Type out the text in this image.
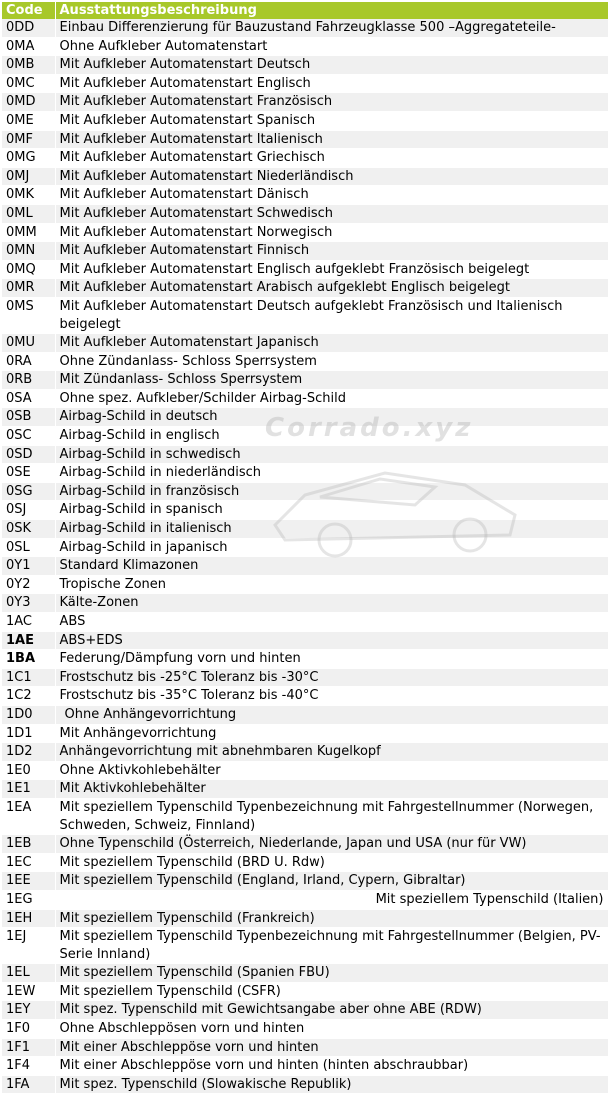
Code	Ausstattungsbeschreibung
0DD	Einbau Differenzierung für Bauzustand Fahrzeugklasse 500 –Aggregateteile-
0MA	Ohne Aufkleber Automatenstart
0MB	Mit Aufkleber Automatenstart Deutsch
0MC	Mit Aufkleber Automatenstart Englisch
0MD	Mit Aufkleber Automatenstart Französisch
0ME	Mit Aufkleber Automatenstart Spanisch
0MF	Mit Aufkleber Automatenstart Italienisch
0MG	Mit Aufkleber Automatenstart Griechisch
0MJ	Mit Aufkleber Automatenstart Niederländisch
0MK	Mit Aufkleber Automatenstart Dänisch
0ML	Mit Aufkleber Automatenstart Schwedisch
0MM	Mit Aufkleber Automatenstart Norwegisch
0MN	Mit Aufkleber Automatenstart Finnisch
0MQ	Mit Aufkleber Automatenstart Englisch aufgeklebt Französisch beigelegt
0MR	Mit Aufkleber Automatenstart Arabisch aufgeklebt Englisch beigelegt
0MS	Mit Aufkleber Automatenstart Deutsch aufgeklebt Französisch und Italienisch beigelegt
0MU	Mit Aufkleber Automatenstart Japanisch
0RA	Ohne Zündanlass- Schloss Sperrsystem
0RB	Mit Zündanlass- Schloss Sperrsystem
0SA	Ohne spez. Aufkleber/Schilder Airbag-Schild
0SB	Airbag-Schild in deutsch
0SC	Airbag-Schild in englisch
0SD	Airbag-Schild in schwedisch
0SE	Airbag-Schild in niederländisch
0SG	Airbag-Schild in französisch
0SJ	Airbag-Schild in spanisch
0SK	Airbag-Schild in italienisch
0SL	Airbag-Schild in japanisch
0Y1	Standard Klimazonen
0Y2	Tropische Zonen
0Y3	Kälte-Zonen
1AC	ABS
1AE	ABS+EDS
1BA	Federung/Dämpfung vorn und hinten
1C1	Frostschutz bis -25°C Toleranz bis -30°C
1C2	Frostschutz bis -35°C Toleranz bis -40°C
1D0	Ohne Anhängevorrichtung
1D1	Mit Anhängevorrichtung
1D2	Anhängevorrichtung mit abnehmbaren Kugelkopf
1E0	Ohne Aktivkohlebehälter
1E1	Mit Aktivkohlebehälter
1EA	Mit speziellem Typenschild Typenbezeichnung mit Fahrgestellnummer (Norwegen, Schweden, Schweiz, Finnland)
1EB	Ohne Typenschild (Österreich, Niederlande, Japan und USA (nur für VW)
1EC	Mit speziellem Typenschild (BRD U. Rdw)
1EE	Mit speziellem Typenschild (England, Irland, Cypern, Gibraltar)
1EG	Mit speziellem Typenschild (Italien)
1EH	Mit speziellem Typenschild (Frankreich)
1EJ	Mit speziellem Typenschild Typenbezeichnung mit Fahrgestellnummer (Belgien, PV- Serie Innland)
1EL	Mit speziellem Typenschild (Spanien FBU)
1EW	Mit speziellem Typenschild (CSFR)
1EY	Mit spez. Typenschild mit Gewichtsangabe aber ohne ABE (RDW)
1F0	Ohne Abschleppösen vorn und hinten
1F1	Mit einer Abschleppöse vorn und hinten
1F4	Mit einer Abschleppöse vorn und hinten (hinten abschraubbar)
1FA	Mit spez. Typenschild (Slowakische Republik)
Corrado.xyz
